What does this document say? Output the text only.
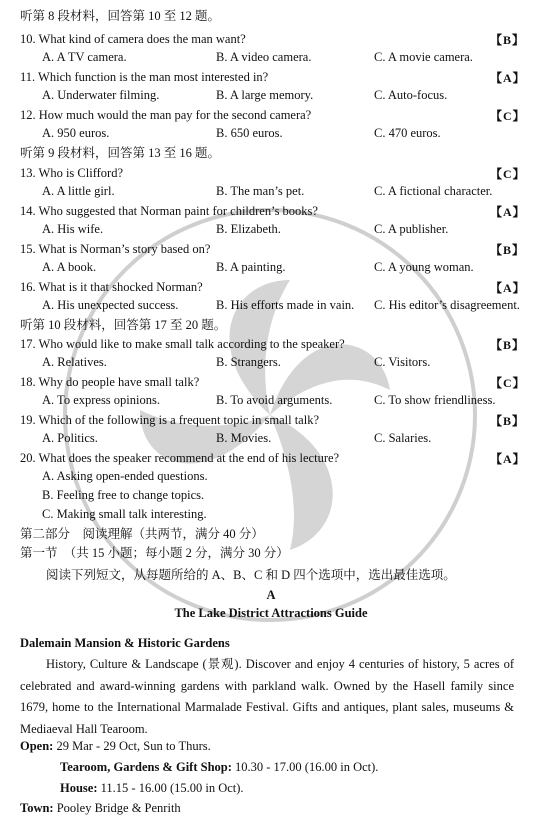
听第 8 段材料，回答第 10 至 12 题。
10. What kind of camera does the man want?	【B】
A. A TV camera.	B. A video camera.	C. A movie camera.
11. Which function is the man most interested in?	【A】
A. Underwater filming.	B. A large memory.	C. Auto-focus.
12. How much would the man pay for the second camera?	【C】
A. 950 euros.	B. 650 euros.	C. 470 euros.
听第 9 段材料，回答第 13 至 16 题。
13. Who is Clifford?	【C】
A. A little girl.	B. The man’s pet.	C. A fictional character.
14. Who suggested that Norman paint for children’s books?	【A】
A. His wife.	B. Elizabeth.	C. A publisher.
15. What is Norman’s story based on?	【B】
A. A book.	B. A painting.	C. A young woman.
16. What is it that shocked Norman?	【A】
A. His unexpected success.	B. His efforts made in vain. C. His editor’s disagreement.
听第 10 段材料，回答第 17 至 20 题。
17. Who would like to make small talk according to the speaker?	【B】
A. Relatives.	B. Strangers.	C. Visitors.
18. Why do people have small talk?	【C】
A. To express opinions.	B. To avoid arguments.	C. To show friendliness.
19. Which of the following is a frequent topic in small talk?	【B】
A. Politics.	B. Movies.	C. Salaries.
20. What does the speaker recommend at the end of his lecture?	【A】
A. Asking open-ended questions.
B. Feeling free to change topics.
C. Making small talk interesting.
第二部分　阅读理解（共两节，满分 40 分）
第一节　（共 15 小题；每小题 2 分，满分 30 分）
阅读下列短文，从每题所给的 A、B、C 和 D 四个选项中，选出最佳选项。
A
The Lake District Attractions Guide
Dalemain Mansion & Historic Gardens
History, Culture & Landscape (景观). Discover and enjoy 4 centuries of history, 5 acres of celebrated and award-winning gardens with parkland walk. Owned by the Hasell family since 1679, home to the International Marmalade Festival. Gifts and antiques, plant sales, museums & Mediaeval Hall Tearoom.
Open: 29 Mar - 29 Oct, Sun to Thurs.
Tearoom, Gardens & Gift Shop: 10.30 - 17.00 (16.00 in Oct).
House: 11.15 - 16.00 (15.00 in Oct).
Town: Pooley Bridge & Penrith
